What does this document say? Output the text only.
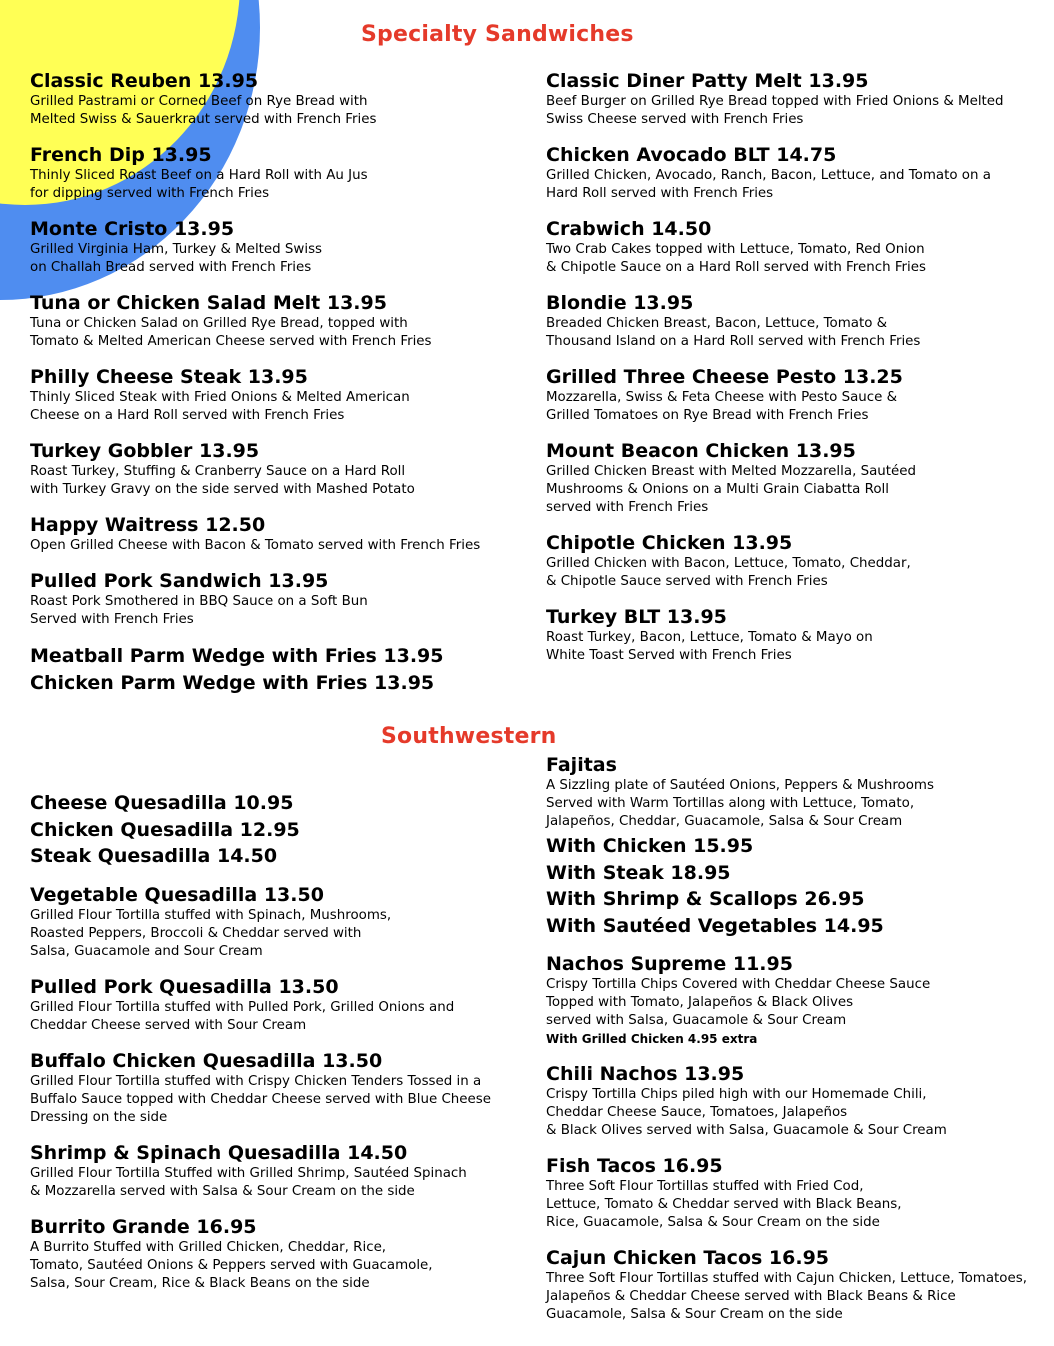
Specialty Sandwiches
Classic Reuben 13.95
Grilled Pastrami or Corned Beef on Rye Bread with
Melted Swiss & Sauerkraut served with French Fries
French Dip 13.95
Thinly Sliced Roast Beef on a Hard Roll with Au Jus
for dipping served with French Fries
Monte Cristo 13.95
Grilled Virginia Ham, Turkey & Melted Swiss
on Challah Bread served with French Fries
Tuna or Chicken Salad Melt 13.95
Tuna or Chicken Salad on Grilled Rye Bread, topped with
Tomato & Melted American Cheese served with French Fries
Philly Cheese Steak 13.95
Thinly Sliced Steak with Fried Onions & Melted American
Cheese on a Hard Roll served with French Fries
Turkey Gobbler 13.95
Roast Turkey, Stuffing & Cranberry Sauce on a Hard Roll
with Turkey Gravy on the side served with Mashed Potato
Happy Waitress 12.50
Open Grilled Cheese with Bacon & Tomato served with French Fries
Pulled Pork Sandwich 13.95
Roast Pork Smothered in BBQ Sauce on a Soft Bun
Served with French Fries
Meatball Parm Wedge with Fries 13.95
Chicken Parm Wedge with Fries 13.95
Classic Diner Patty Melt 13.95
Beef Burger on Grilled Rye Bread topped with Fried Onions & Melted
Swiss Cheese served with French Fries
Chicken Avocado BLT 14.75
Grilled Chicken, Avocado, Ranch, Bacon, Lettuce, and Tomato on a
Hard Roll served with French Fries
Crabwich 14.50
Two Crab Cakes topped with Lettuce, Tomato, Red Onion
& Chipotle Sauce on a Hard Roll served with French Fries
Blondie 13.95
Breaded Chicken Breast, Bacon, Lettuce, Tomato &
Thousand Island on a Hard Roll served with French Fries
Grilled Three Cheese Pesto 13.25
Mozzarella, Swiss & Feta Cheese with Pesto Sauce &
Grilled Tomatoes on Rye Bread with French Fries
Mount Beacon Chicken 13.95
Grilled Chicken Breast with Melted Mozzarella, Sautéed
Mushrooms & Onions on a Multi Grain Ciabatta Roll
served with French Fries
Chipotle Chicken 13.95
Grilled Chicken with Bacon, Lettuce, Tomato, Cheddar,
& Chipotle Sauce served with French Fries
Turkey BLT 13.95
Roast Turkey, Bacon, Lettuce, Tomato & Mayo on
White Toast Served with French Fries
Southwestern
Cheese Quesadilla 10.95
Chicken Quesadilla 12.95
Steak Quesadilla 14.50
Vegetable Quesadilla 13.50
Grilled Flour Tortilla stuffed with Spinach, Mushrooms,
Roasted Peppers, Broccoli & Cheddar served with
Salsa, Guacamole and Sour Cream
Pulled Pork Quesadilla 13.50
Grilled Flour Tortilla stuffed with Pulled Pork, Grilled Onions and
Cheddar Cheese served with Sour Cream
Buffalo Chicken Quesadilla 13.50
Grilled Flour Tortilla stuffed with Crispy Chicken Tenders Tossed in a
Buffalo Sauce topped with Cheddar Cheese served with Blue Cheese
Dressing on the side
Shrimp & Spinach Quesadilla 14.50
Grilled Flour Tortilla Stuffed with Grilled Shrimp, Sautéed Spinach
& Mozzarella served with Salsa & Sour Cream on the side
Burrito Grande 16.95
A Burrito Stuffed with Grilled Chicken, Cheddar, Rice,
Tomato, Sautéed Onions & Peppers served with Guacamole,
Salsa, Sour Cream, Rice & Black Beans on the side
Fajitas
A Sizzling plate of Sautéed Onions, Peppers & Mushrooms
Served with Warm Tortillas along with Lettuce, Tomato,
Jalapeños, Cheddar, Guacamole, Salsa & Sour Cream
With Chicken 15.95
With Steak 18.95
With Shrimp & Scallops 26.95
With Sautéed Vegetables 14.95
Nachos Supreme 11.95
Crispy Tortilla Chips Covered with Cheddar Cheese Sauce
Topped with Tomato, Jalapeños & Black Olives
served with Salsa, Guacamole & Sour Cream
With Grilled Chicken 4.95 extra
Chili Nachos 13.95
Crispy Tortilla Chips piled high with our Homemade Chili,
Cheddar Cheese Sauce, Tomatoes, Jalapeños
& Black Olives served with Salsa, Guacamole & Sour Cream
Fish Tacos 16.95
Three Soft Flour Tortillas stuffed with Fried Cod,
Lettuce, Tomato & Cheddar served with Black Beans,
Rice, Guacamole, Salsa & Sour Cream on the side
Cajun Chicken Tacos 16.95
Three Soft Flour Tortillas stuffed with Cajun Chicken, Lettuce, Tomatoes,
Jalapeños & Cheddar Cheese served with Black Beans & Rice
Guacamole, Salsa & Sour Cream on the side
